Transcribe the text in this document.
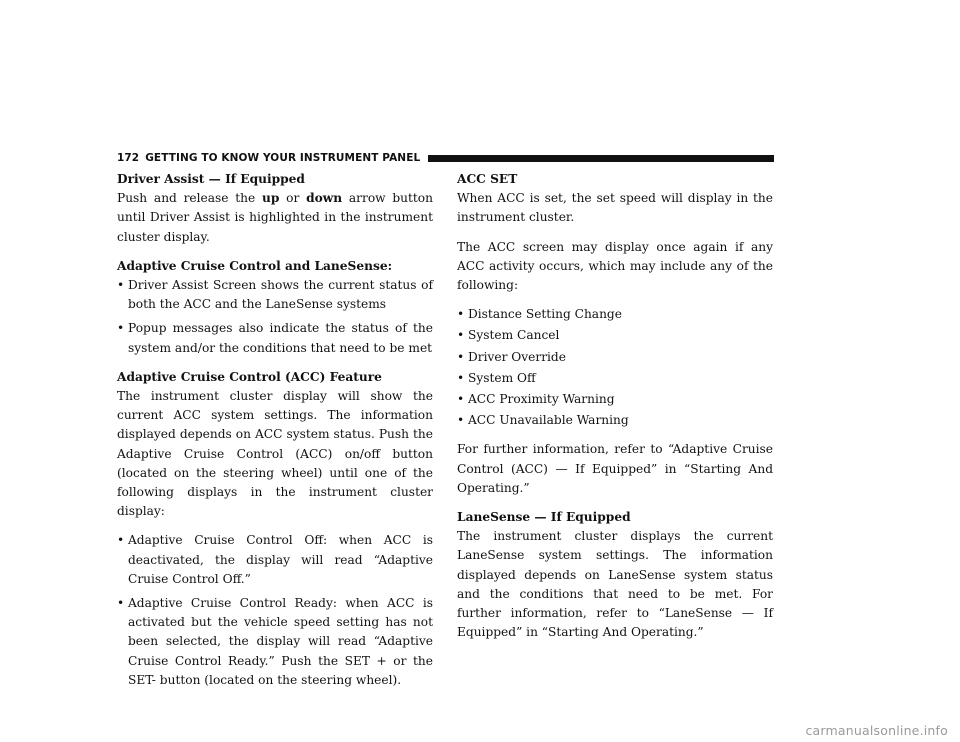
172 GETTING TO KNOW YOUR INSTRUMENT PANEL

Driver Assist — If Equipped

Push and release the up or down arrow button until Driver Assist is highlighted in the instrument cluster display.

Adaptive Cruise Control and LaneSense:

• Driver Assist Screen shows the current status of both the ACC and the LaneSense systems
• Popup messages also indicate the status of the system and/or the conditions that need to be met

Adaptive Cruise Control (ACC) Feature

The instrument cluster display will show the current ACC system settings. The information displayed depends on ACC system status. Push the Adaptive Cruise Control (ACC) on/off button (located on the steering wheel) until one of the following displays in the instrument cluster display:

• Adaptive Cruise Control Off: when ACC is deactivated, the display will read “Adaptive Cruise Control Off.”
• Adaptive Cruise Control Ready: when ACC is activated but the vehicle speed setting has not been selected, the display will read “Adaptive Cruise Control Ready.” Push the SET + or the SET- button (located on the steering wheel).

ACC SET

When ACC is set, the set speed will display in the instrument cluster.

The ACC screen may display once again if any ACC activity occurs, which may include any of the following:

• Distance Setting Change
• System Cancel
• Driver Override
• System Off
• ACC Proximity Warning
• ACC Unavailable Warning

For further information, refer to “Adaptive Cruise Control (ACC) — If Equipped” in “Starting And Operating.”

LaneSense — If Equipped

The instrument cluster displays the current LaneSense system settings. The information displayed depends on LaneSense system status and the conditions that need to be met. For further information, refer to “LaneSense — If Equipped” in “Starting And Operating.”

carmanualsonline.info
